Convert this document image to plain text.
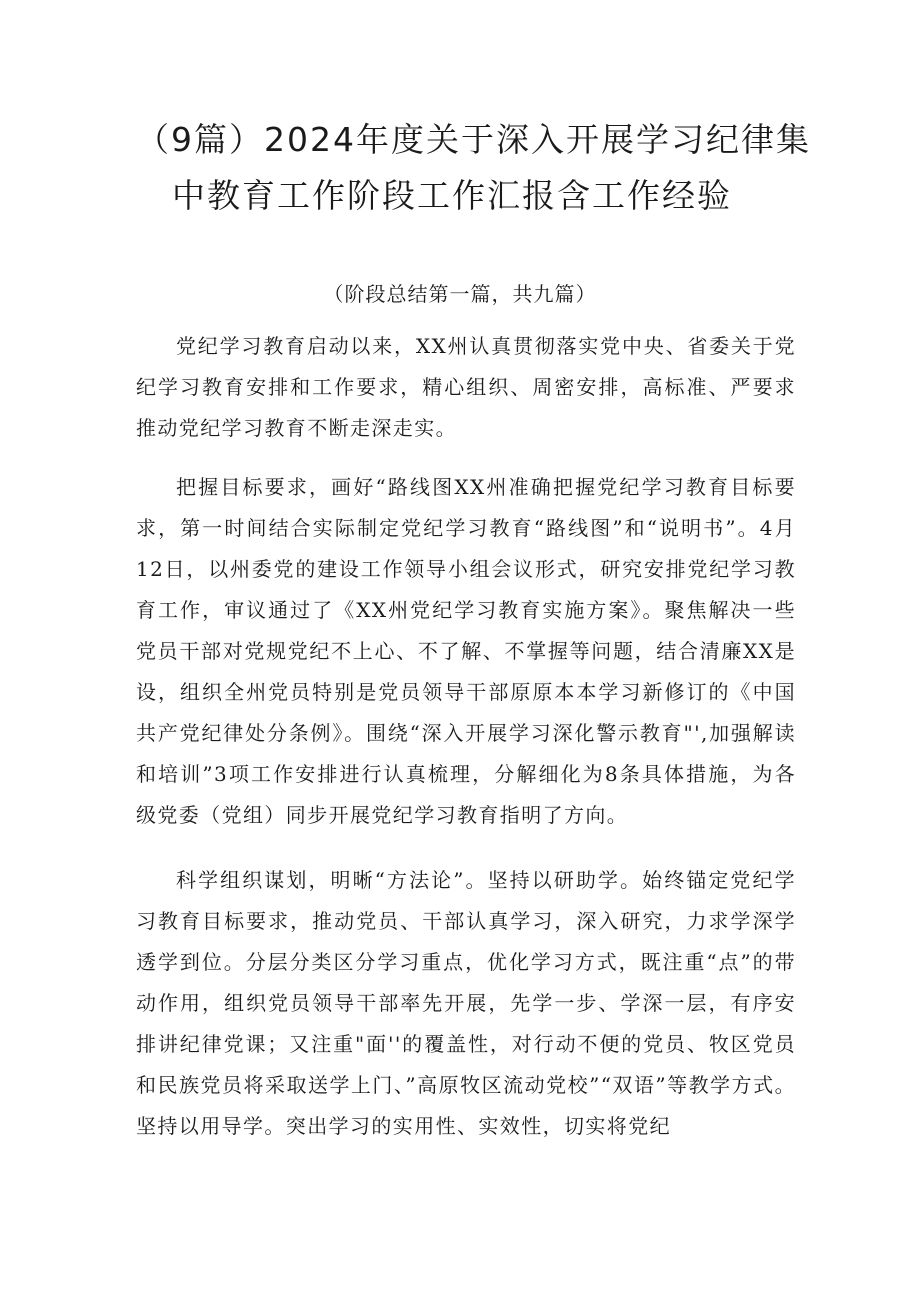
（9篇）2024年度关于深入开展学习纪律集
中教育工作阶段工作汇报含工作经验
（阶段总结第一篇，共九篇）

党纪学习教育启动以来，XX州认真贯彻落实党中央、省委关于党纪学习教育安排和工作要求，精心组织、周密安排，高标准、严要求推动党纪学习教育不断走深走实。

把握目标要求，画好“路线图XX州准确把握党纪学习教育目标要求，第一时间结合实际制定党纪学习教育“路线图”和“说明书”。4月12日，以州委党的建设工作领导小组会议形式，研究安排党纪学习教育工作，审议通过了《XX州党纪学习教育实施方案》。聚焦解决一些党员干部对党规党纪不上心、不了解、不掌握等问题，结合清廉XX是设，组织全州党员特别是党员领导干部原原本本学习新修订的《中国共产党纪律处分条例》。围绕“深入开展学习深化警示教育"',加强解读和培训”3项工作安排进行认真梳理，分解细化为8条具体措施，为各级党委（党组）同步开展党纪学习教育指明了方向。

科学组织谋划，明晰“方法论”。坚持以研助学。始终锚定党纪学习教育目标要求，推动党员、干部认真学习，深入研究，力求学深学透学到位。分层分类区分学习重点，优化学习方式，既注重“点”的带动作用，组织党员领导干部率先开展，先学一步、学深一层，有序安排讲纪律党课；又注重"面''的覆盖性，对行动不便的党员、牧区党员和民族党员将采取送学上门、”高原牧区流动党校”“双语”等教学方式。坚持以用导学。突出学习的实用性、实效性，切实将党纪
